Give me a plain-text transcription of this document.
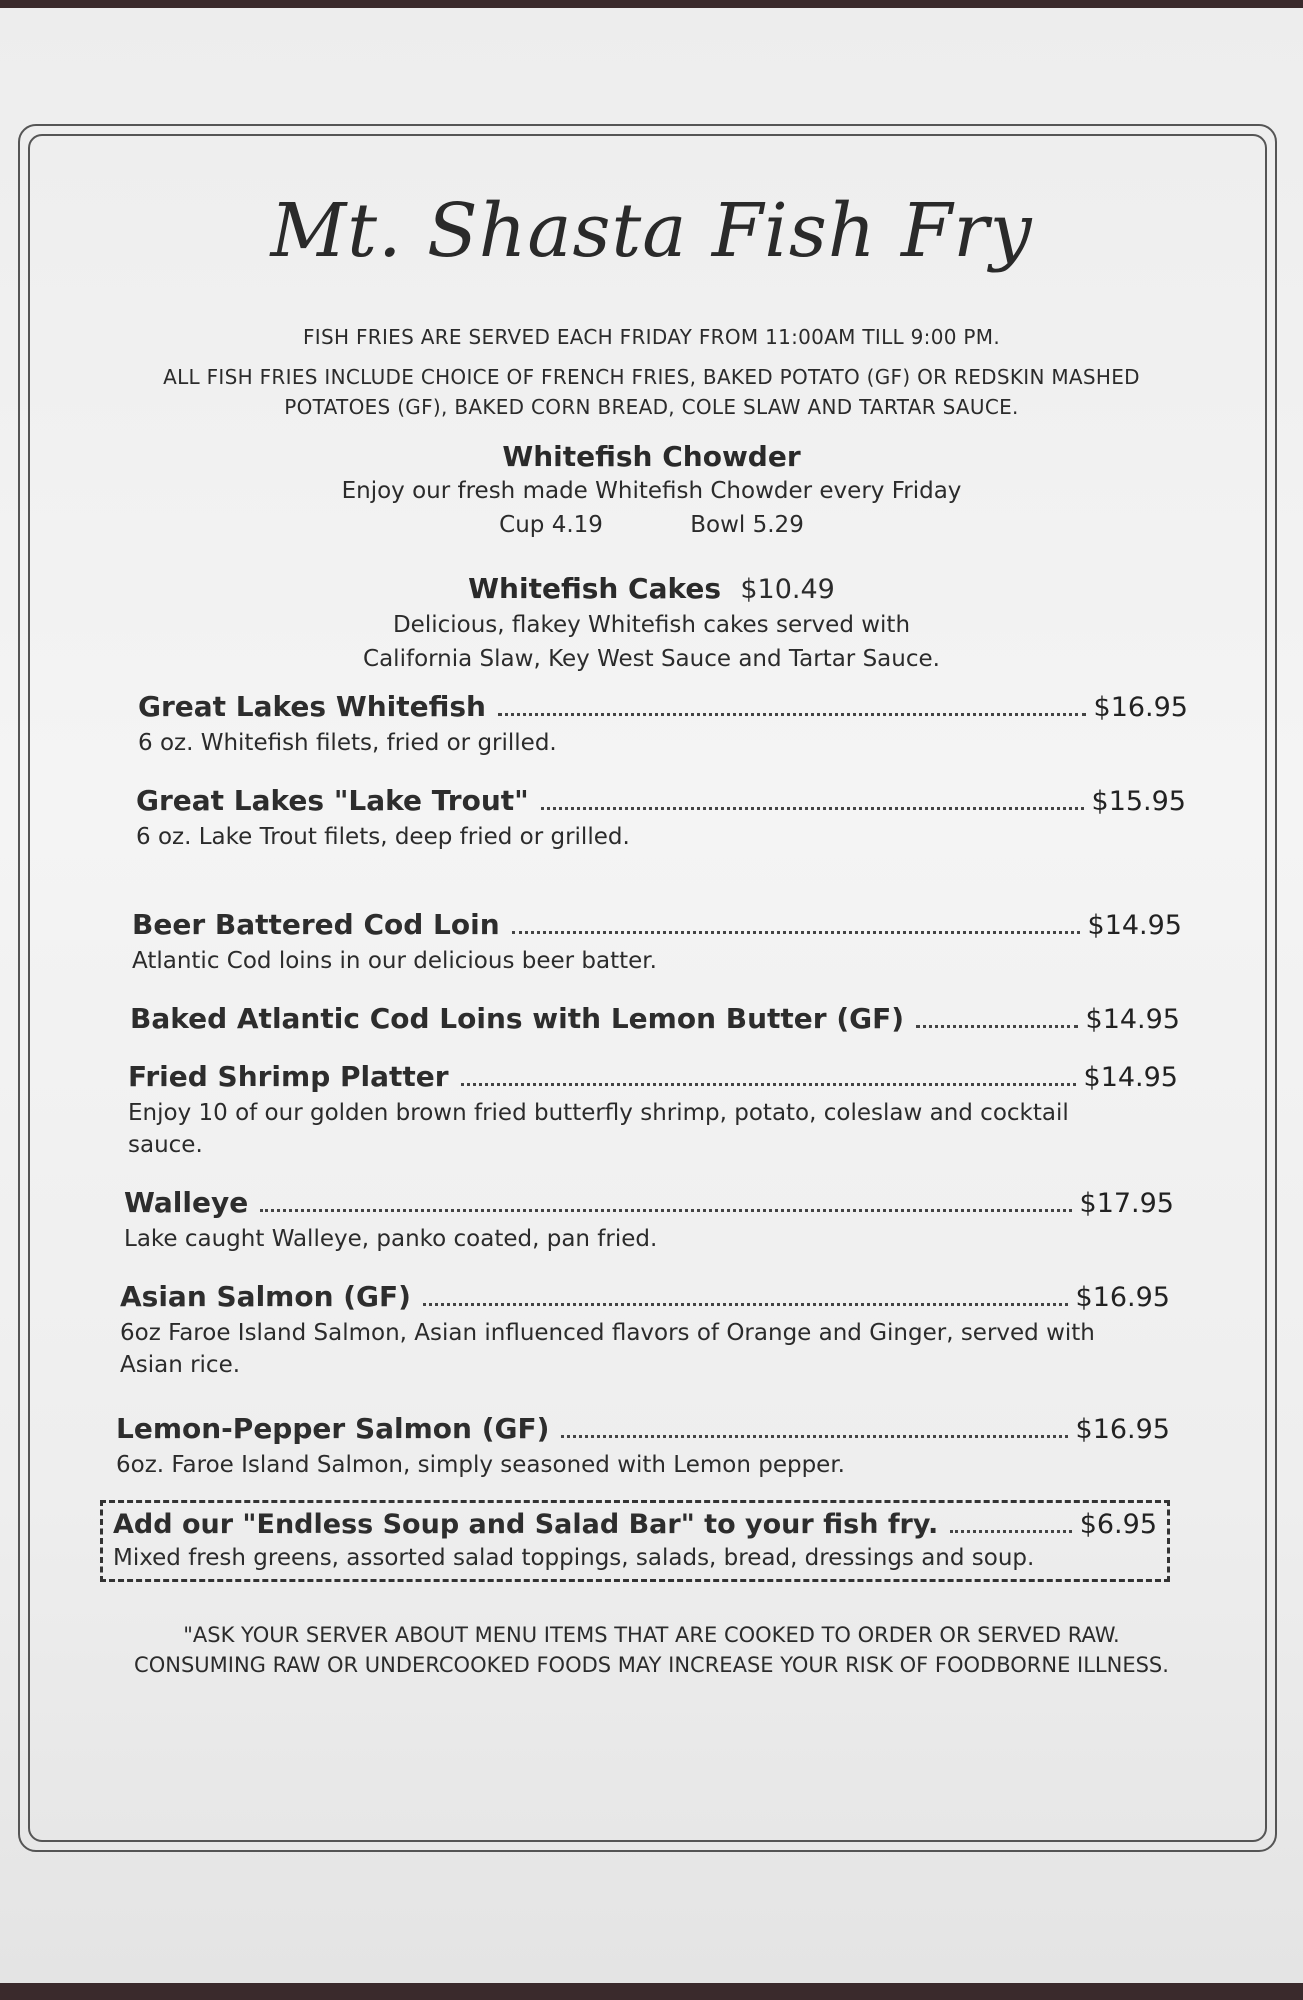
Mt. Shasta Fish Fry
FISH FRIES ARE SERVED EACH FRIDAY FROM 11:00AM TILL 9:00 PM.
ALL FISH FRIES INCLUDE CHOICE OF FRENCH FRIES, BAKED POTATO (GF) OR REDSKIN MASHED POTATOES (GF), BAKED CORN BREAD, COLE SLAW AND TARTAR SAUCE.
Whitefish Chowder
Enjoy our fresh made Whitefish Chowder every Friday
Cup 4.19	Bowl 5.29
Whitefish Cakes $10.49
Delicious, flakey Whitefish cakes served with
California Slaw, Key West Sauce and Tartar Sauce.
Great Lakes Whitefish	$16.95
6 oz. Whitefish filets, fried or grilled.
Great Lakes "Lake Trout"	$15.95
6 oz. Lake Trout filets, deep fried or grilled.
Beer Battered Cod Loin	$14.95
Atlantic Cod loins in our delicious beer batter.
Baked Atlantic Cod Loins with Lemon Butter (GF)	$14.95
Fried Shrimp Platter	$14.95
Enjoy 10 of our golden brown fried butterfly shrimp, potato, coleslaw and cocktail sauce.
Walleye	$17.95
Lake caught Walleye, panko coated, pan fried.
Asian Salmon (GF)	$16.95
6oz Faroe Island Salmon, Asian influenced flavors of Orange and Ginger, served with Asian rice.
Lemon-Pepper Salmon (GF)	$16.95
6oz. Faroe Island Salmon, simply seasoned with Lemon pepper.
Add our "Endless Soup and Salad Bar" to your fish fry.	$6.95
Mixed fresh greens, assorted salad toppings, salads, bread, dressings and soup.
"ASK YOUR SERVER ABOUT MENU ITEMS THAT ARE COOKED TO ORDER OR SERVED RAW.
CONSUMING RAW OR UNDERCOOKED FOODS MAY INCREASE YOUR RISK OF FOODBORNE ILLNESS.
